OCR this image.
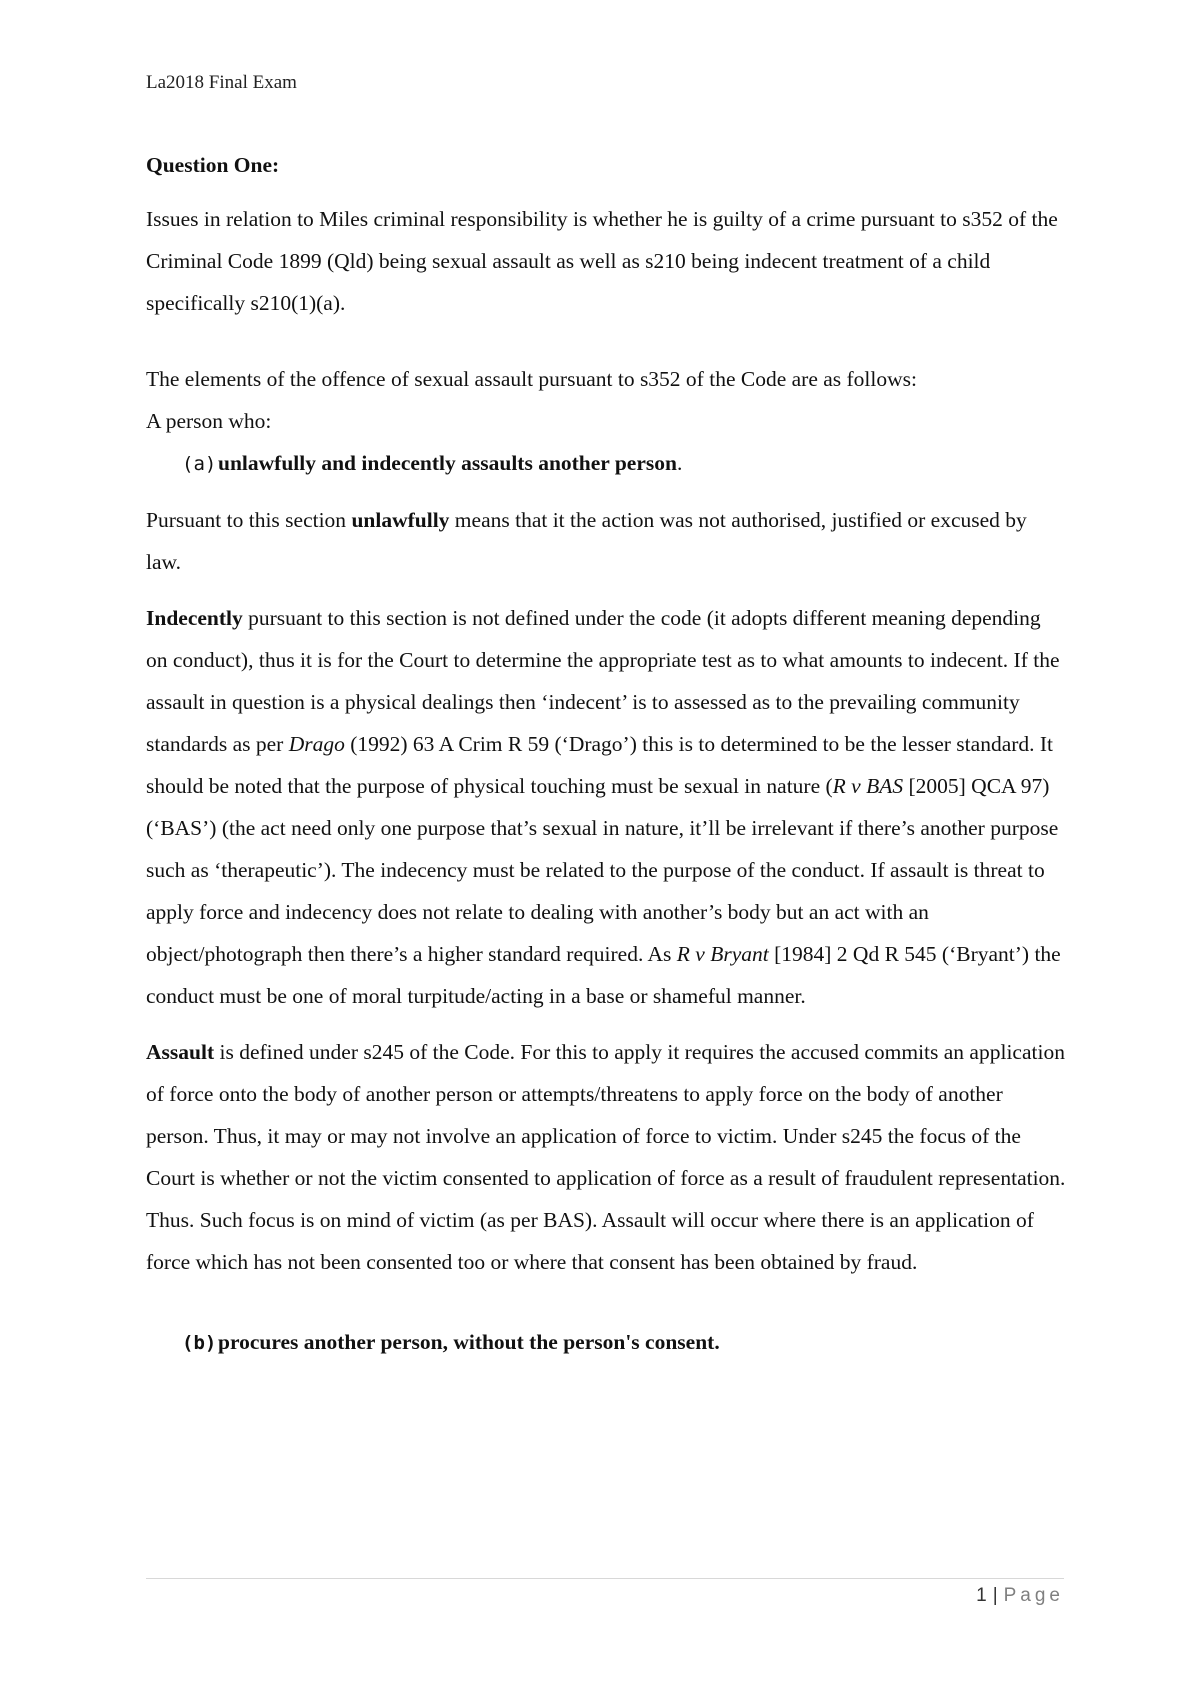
La2018 Final Exam

Question One:

Issues in relation to Miles criminal responsibility is whether he is guilty of a crime pursuant to s352 of the Criminal Code 1899 (Qld) being sexual assault as well as s210 being indecent treatment of a child specifically s210(1)(a).

The elements of the offence of sexual assault pursuant to s352 of the Code are as follows:

A person who:

(a)unlawfully and indecently assaults another person.

Pursuant to this section unlawfully means that it the action was not authorised, justified or excused by law.

Indecently pursuant to this section is not defined under the code (it adopts different meaning depending on conduct), thus it is for the Court to determine the appropriate test as to what amounts to indecent. If the assault in question is a physical dealings then ‘indecent’ is to assessed as to the prevailing community standards as per Drago (1992) 63 A Crim R 59 (‘Drago’) this is to determined to be the lesser standard. It should be noted that the purpose of physical touching must be sexual in nature (R v BAS [2005] QCA 97) (‘BAS’) (the act need only one purpose that’s sexual in nature, it’ll be irrelevant if there’s another purpose such as ‘therapeutic’). The indecency must be related to the purpose of the conduct. If assault is threat to apply force and indecency does not relate to dealing with another’s body but an act with an object/photograph then there’s a higher standard required. As R v Bryant [1984] 2 Qd R 545 (‘Bryant’) the conduct must be one of moral turpitude/acting in a base or shameful manner.

Assault is defined under s245 of the Code. For this to apply it requires the accused commits an application of force onto the body of another person or attempts/threatens to apply force on the body of another person. Thus, it may or may not involve an application of force to victim. Under s245 the focus of the Court is whether or not the victim consented to application of force as a result of fraudulent representation. Thus. Such focus is on mind of victim (as per BAS). Assault will occur where there is an application of force which has not been consented too or where that consent has been obtained by fraud.

(b)procures another person, without the person's consent.

1 | Page
